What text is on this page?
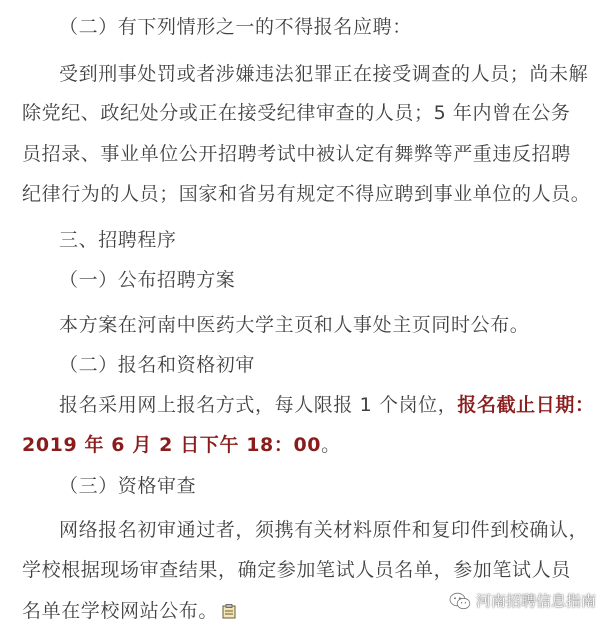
（二）有下列情形之一的不得报名应聘：
受到刑事处罚或者涉嫌违法犯罪正在接受调查的人员；尚未解
除党纪、政纪处分或正在接受纪律审查的人员；5 年内曾在公务
员招录、事业单位公开招聘考试中被认定有舞弊等严重违反招聘
纪律行为的人员；国家和省另有规定不得应聘到事业单位的人员。
三、招聘程序
（一）公布招聘方案
本方案在河南中医药大学主页和人事处主页同时公布。
（二）报名和资格初审
报名采用网上报名方式，每人限报 1 个岗位，报名截止日期：
2019 年 6 月 2 日下午 18：00。
（三）资格审查
网络报名初审通过者，须携有关材料原件和复印件到校确认，
学校根据现场审查结果，确定参加笔试人员名单，参加笔试人员
名单在学校网站公布。	河南招聘信息指南
